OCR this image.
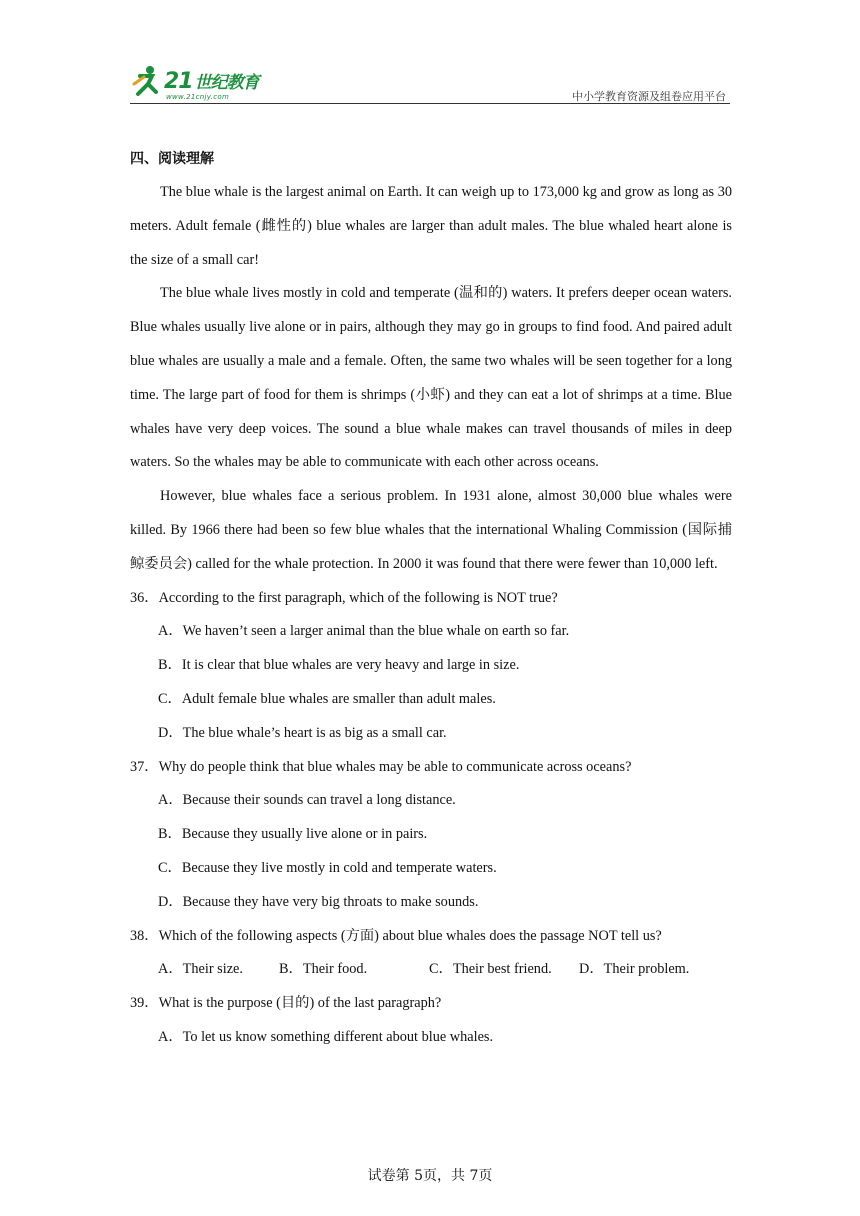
21 世纪教育
www.21cnjy.com	中小学教育资源及组卷应用平台

四、阅读理解

The blue whale is the largest animal on Earth. It can weigh up to 173,000 kg and grow as long as 30 meters. Adult female (雌性的) blue whales are larger than adult males. The blue whaled heart alone is the size of a small car!

The blue whale lives mostly in cold and temperate (温和的) waters. It prefers deeper ocean waters. Blue whales usually live alone or in pairs, although they may go in groups to find food. And paired adult blue whales are usually a male and a female. Often, the same two whales will be seen together for a long time. The large part of food for them is shrimps (小虾) and they can eat a lot of shrimps at a time. Blue whales have very deep voices. The sound a blue whale makes can travel thousands of miles in deep waters. So the whales may be able to communicate with each other across oceans.

However, blue whales face a serious problem. In 1931 alone, almost 30,000 blue whales were killed. By 1966 there had been so few blue whales that the international Whaling Commission (国际捕鲸委员会) called for the whale protection. In 2000 it was found that there were fewer than 10,000 left.

36．According to the first paragraph, which of the following is NOT true?

A．We haven’t seen a larger animal than the blue whale on earth so far.

B．It is clear that blue whales are very heavy and large in size.

C．Adult female blue whales are smaller than adult males.

D．The blue whale’s heart is as big as a small car.

37．Why do people think that blue whales may be able to communicate across oceans?

A．Because their sounds can travel a long distance.

B．Because they usually live alone or in pairs.

C．Because they live mostly in cold and temperate waters.

D．Because they have very big throats to make sounds.

38．Which of the following aspects (方面) about blue whales does the passage NOT tell us?

A．Their size.	B．Their food.	C．Their best friend.	D．Their problem.

39．What is the purpose (目的) of the last paragraph?

A．To let us know something different about blue whales.

试卷第 5页，共 7页
